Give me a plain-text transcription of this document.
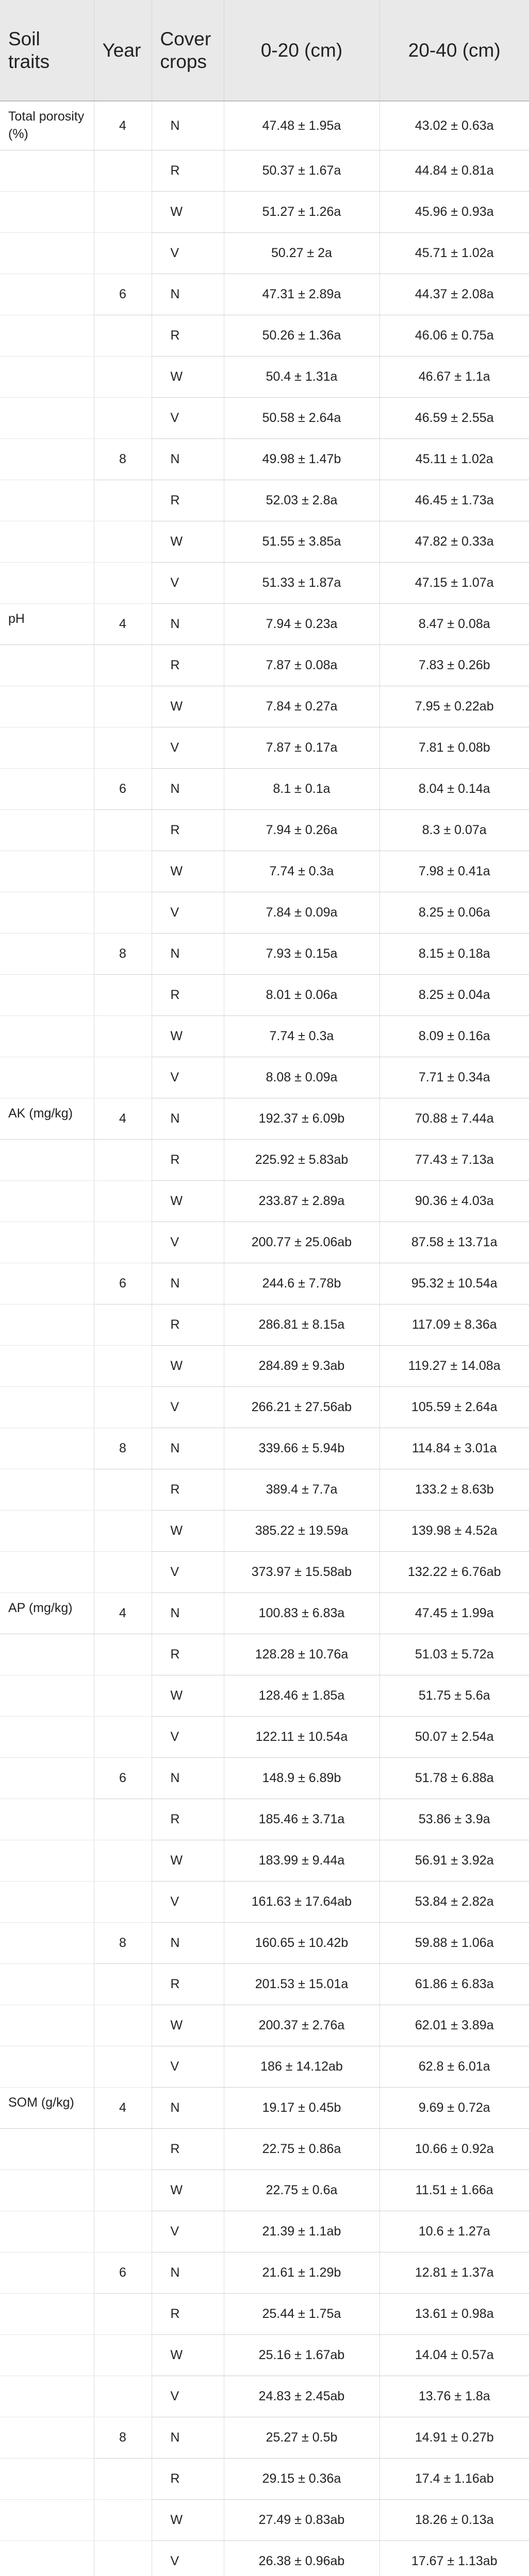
Soil traits	Year	Cover crops	0-20 (cm)	20-40 (cm)
Total porosity (%)	4	N	47.48 ± 1.95a	43.02 ± 0.63a
		R	50.37 ± 1.67a	44.84 ± 0.81a
		W	51.27 ± 1.26a	45.96 ± 0.93a
		V	50.27 ± 2a	45.71 ± 1.02a
	6	N	47.31 ± 2.89a	44.37 ± 2.08a
		R	50.26 ± 1.36a	46.06 ± 0.75a
		W	50.4 ± 1.31a	46.67 ± 1.1a
		V	50.58 ± 2.64a	46.59 ± 2.55a
	8	N	49.98 ± 1.47b	45.11 ± 1.02a
		R	52.03 ± 2.8a	46.45 ± 1.73a
		W	51.55 ± 3.85a	47.82 ± 0.33a
		V	51.33 ± 1.87a	47.15 ± 1.07a
pH	4	N	7.94 ± 0.23a	8.47 ± 0.08a
		R	7.87 ± 0.08a	7.83 ± 0.26b
		W	7.84 ± 0.27a	7.95 ± 0.22ab
		V	7.87 ± 0.17a	7.81 ± 0.08b
	6	N	8.1 ± 0.1a	8.04 ± 0.14a
		R	7.94 ± 0.26a	8.3 ± 0.07a
		W	7.74 ± 0.3a	7.98 ± 0.41a
		V	7.84 ± 0.09a	8.25 ± 0.06a
	8	N	7.93 ± 0.15a	8.15 ± 0.18a
		R	8.01 ± 0.06a	8.25 ± 0.04a
		W	7.74 ± 0.3a	8.09 ± 0.16a
		V	8.08 ± 0.09a	7.71 ± 0.34a
AK (mg/kg)	4	N	192.37 ± 6.09b	70.88 ± 7.44a
		R	225.92 ± 5.83ab	77.43 ± 7.13a
		W	233.87 ± 2.89a	90.36 ± 4.03a
		V	200.77 ± 25.06ab	87.58 ± 13.71a
	6	N	244.6 ± 7.78b	95.32 ± 10.54a
		R	286.81 ± 8.15a	117.09 ± 8.36a
		W	284.89 ± 9.3ab	119.27 ± 14.08a
		V	266.21 ± 27.56ab	105.59 ± 2.64a
	8	N	339.66 ± 5.94b	114.84 ± 3.01a
		R	389.4 ± 7.7a	133.2 ± 8.63b
		W	385.22 ± 19.59a	139.98 ± 4.52a
		V	373.97 ± 15.58ab	132.22 ± 6.76ab
AP (mg/kg)	4	N	100.83 ± 6.83a	47.45 ± 1.99a
		R	128.28 ± 10.76a	51.03 ± 5.72a
		W	128.46 ± 1.85a	51.75 ± 5.6a
		V	122.11 ± 10.54a	50.07 ± 2.54a
	6	N	148.9 ± 6.89b	51.78 ± 6.88a
		R	185.46 ± 3.71a	53.86 ± 3.9a
		W	183.99 ± 9.44a	56.91 ± 3.92a
		V	161.63 ± 17.64ab	53.84 ± 2.82a
	8	N	160.65 ± 10.42b	59.88 ± 1.06a
		R	201.53 ± 15.01a	61.86 ± 6.83a
		W	200.37 ± 2.76a	62.01 ± 3.89a
		V	186 ± 14.12ab	62.8 ± 6.01a
SOM (g/kg)	4	N	19.17 ± 0.45b	9.69 ± 0.72a
		R	22.75 ± 0.86a	10.66 ± 0.92a
		W	22.75 ± 0.6a	11.51 ± 1.66a
		V	21.39 ± 1.1ab	10.6 ± 1.27a
	6	N	21.61 ± 1.29b	12.81 ± 1.37a
		R	25.44 ± 1.75a	13.61 ± 0.98a
		W	25.16 ± 1.67ab	14.04 ± 0.57a
		V	24.83 ± 2.45ab	13.76 ± 1.8a
	8	N	25.27 ± 0.5b	14.91 ± 0.27b
		R	29.15 ± 0.36a	17.4 ± 1.16ab
		W	27.49 ± 0.83ab	18.26 ± 0.13a
		V	26.38 ± 0.96ab	17.67 ± 1.13ab
